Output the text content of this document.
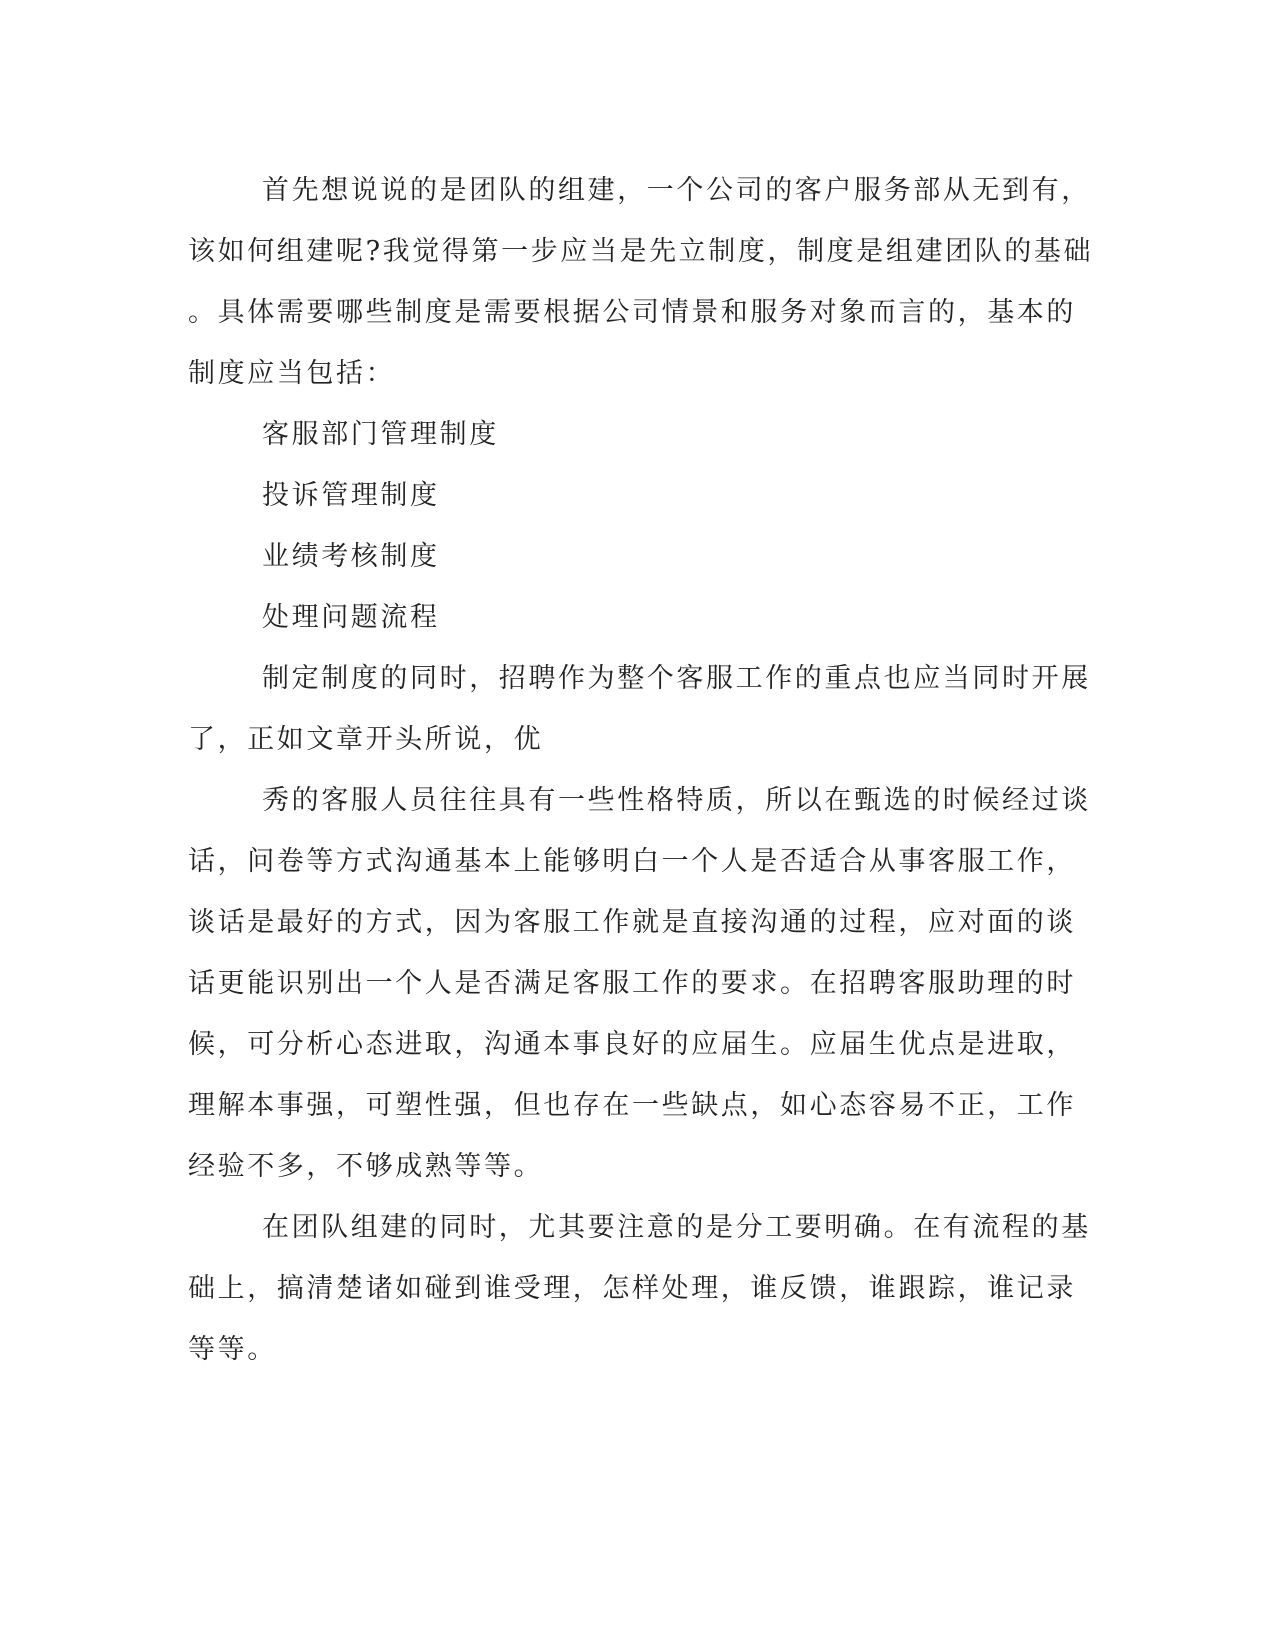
首先想说说的是团队的组建，一个公司的客户服务部从无到有，
该如何组建呢?我觉得第一步应当是先立制度，制度是组建团队的基础
。具体需要哪些制度是需要根据公司情景和服务对象而言的，基本的
制度应当包括：
客服部门管理制度
投诉管理制度
业绩考核制度
处理问题流程
制定制度的同时，招聘作为整个客服工作的重点也应当同时开展
了，正如文章开头所说，优
秀的客服人员往往具有一些性格特质，所以在甄选的时候经过谈
话，问卷等方式沟通基本上能够明白一个人是否适合从事客服工作，
谈话是最好的方式，因为客服工作就是直接沟通的过程，应对面的谈
话更能识别出一个人是否满足客服工作的要求。在招聘客服助理的时
候，可分析心态进取，沟通本事良好的应届生。应届生优点是进取，
理解本事强，可塑性强，但也存在一些缺点，如心态容易不正，工作
经验不多，不够成熟等等。
在团队组建的同时，尤其要注意的是分工要明确。在有流程的基
础上，搞清楚诸如碰到谁受理，怎样处理，谁反馈，谁跟踪，谁记录
等等。
